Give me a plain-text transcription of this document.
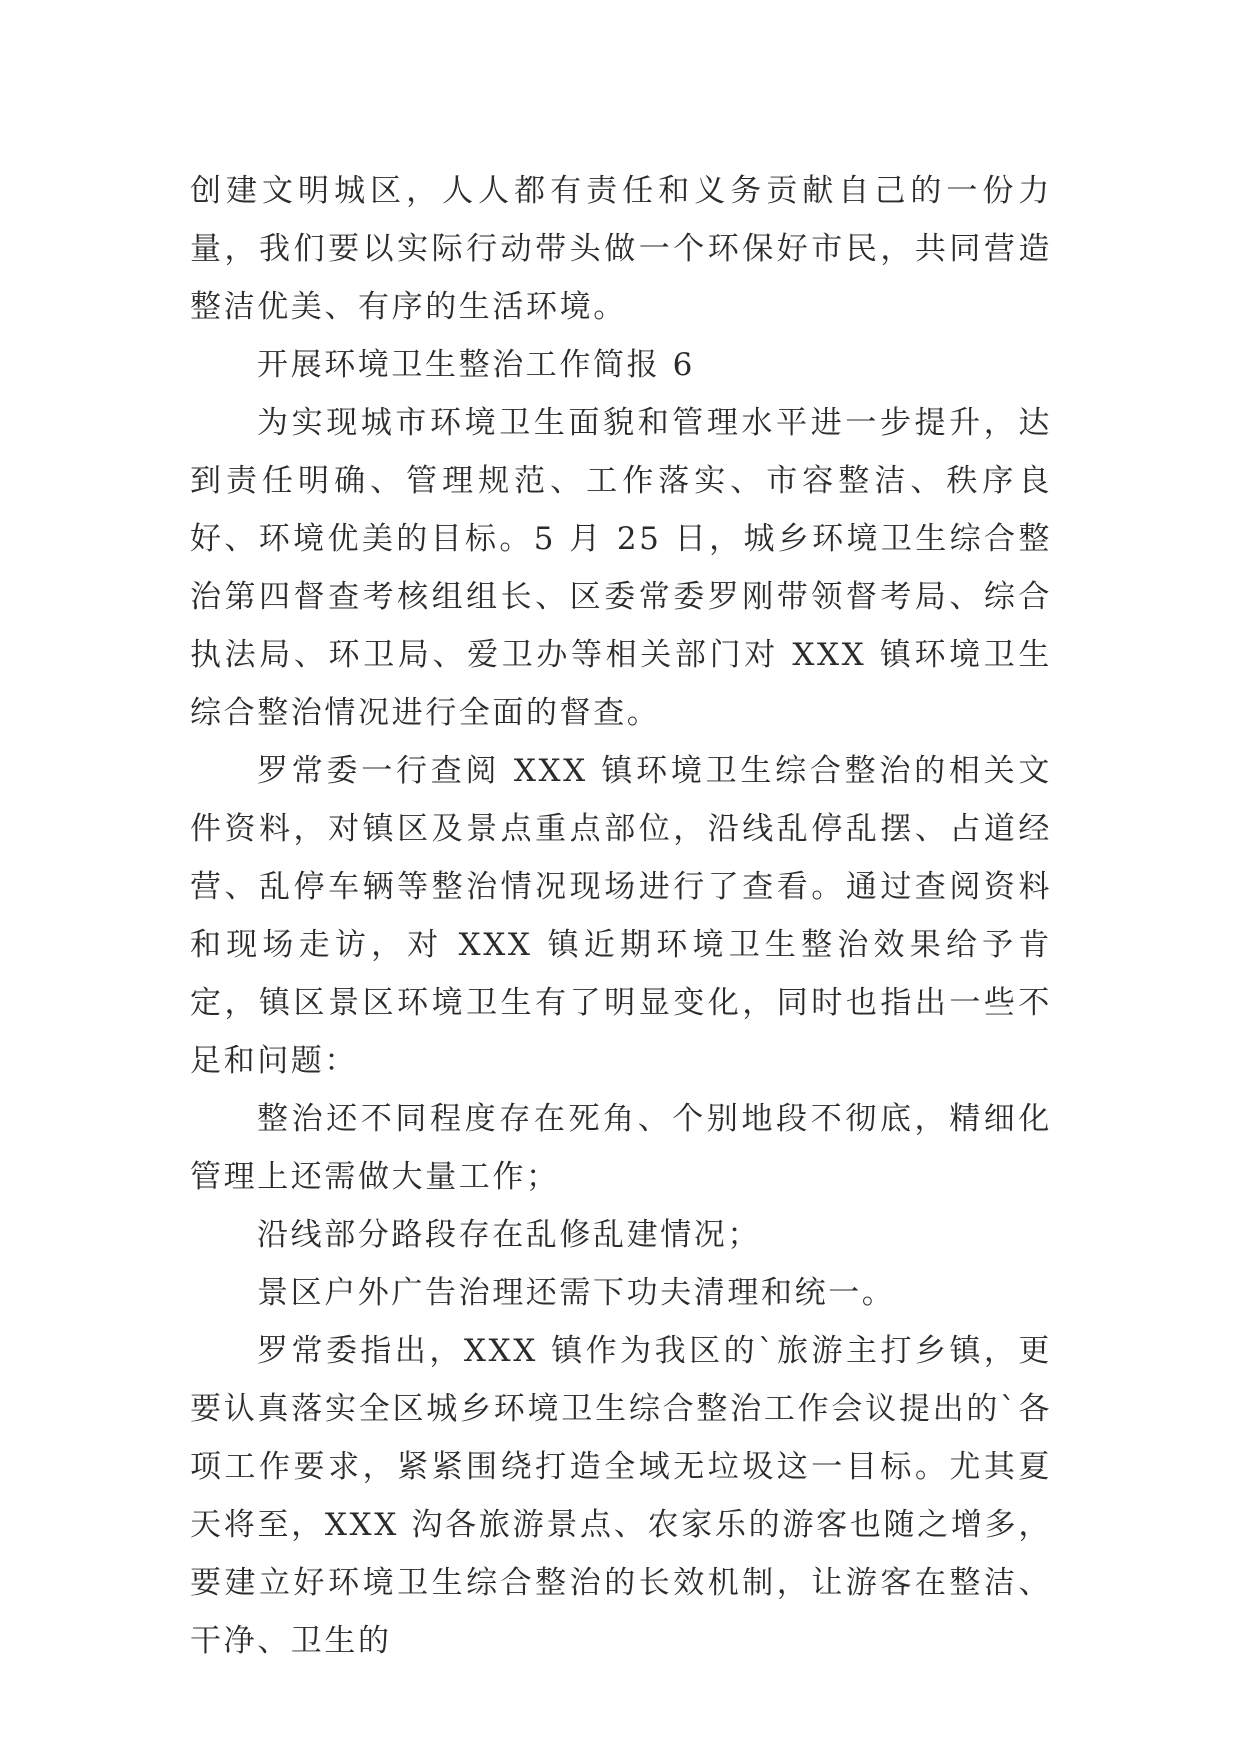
创建文明城区，人人都有责任和义务贡献自己的一份力量，我们要以实际行动带头做一个环保好市民，共同营造整洁优美、有序的生活环境。

开展环境卫生整治工作简报 6

为实现城市环境卫生面貌和管理水平进一步提升，达到责任明确、管理规范、工作落实、市容整洁、秩序良好、环境优美的目标。5 月 25 日，城乡环境卫生综合整治第四督查考核组组长、区委常委罗刚带领督考局、综合执法局、环卫局、爱卫办等相关部门对 XXX 镇环境卫生综合整治情况进行全面的督查。

罗常委一行查阅 XXX 镇环境卫生综合整治的相关文件资料，对镇区及景点重点部位，沿线乱停乱摆、占道经营、乱停车辆等整治情况现场进行了查看。通过查阅资料和现场走访，对 XXX 镇近期环境卫生整治效果给予肯定，镇区景区环境卫生有了明显变化，同时也指出一些不足和问题：

整治还不同程度存在死角、个别地段不彻底，精细化管理上还需做大量工作；

沿线部分路段存在乱修乱建情况；

景区户外广告治理还需下功夫清理和统一。

罗常委指出，XXX 镇作为我区的`旅游主打乡镇，更要认真落实全区城乡环境卫生综合整治工作会议提出的`各项工作要求，紧紧围绕打造全域无垃圾这一目标。尤其夏天将至，XXX 沟各旅游景点、农家乐的游客也随之增多，要建立好环境卫生综合整治的长效机制，让游客在整洁、干净、卫生的
